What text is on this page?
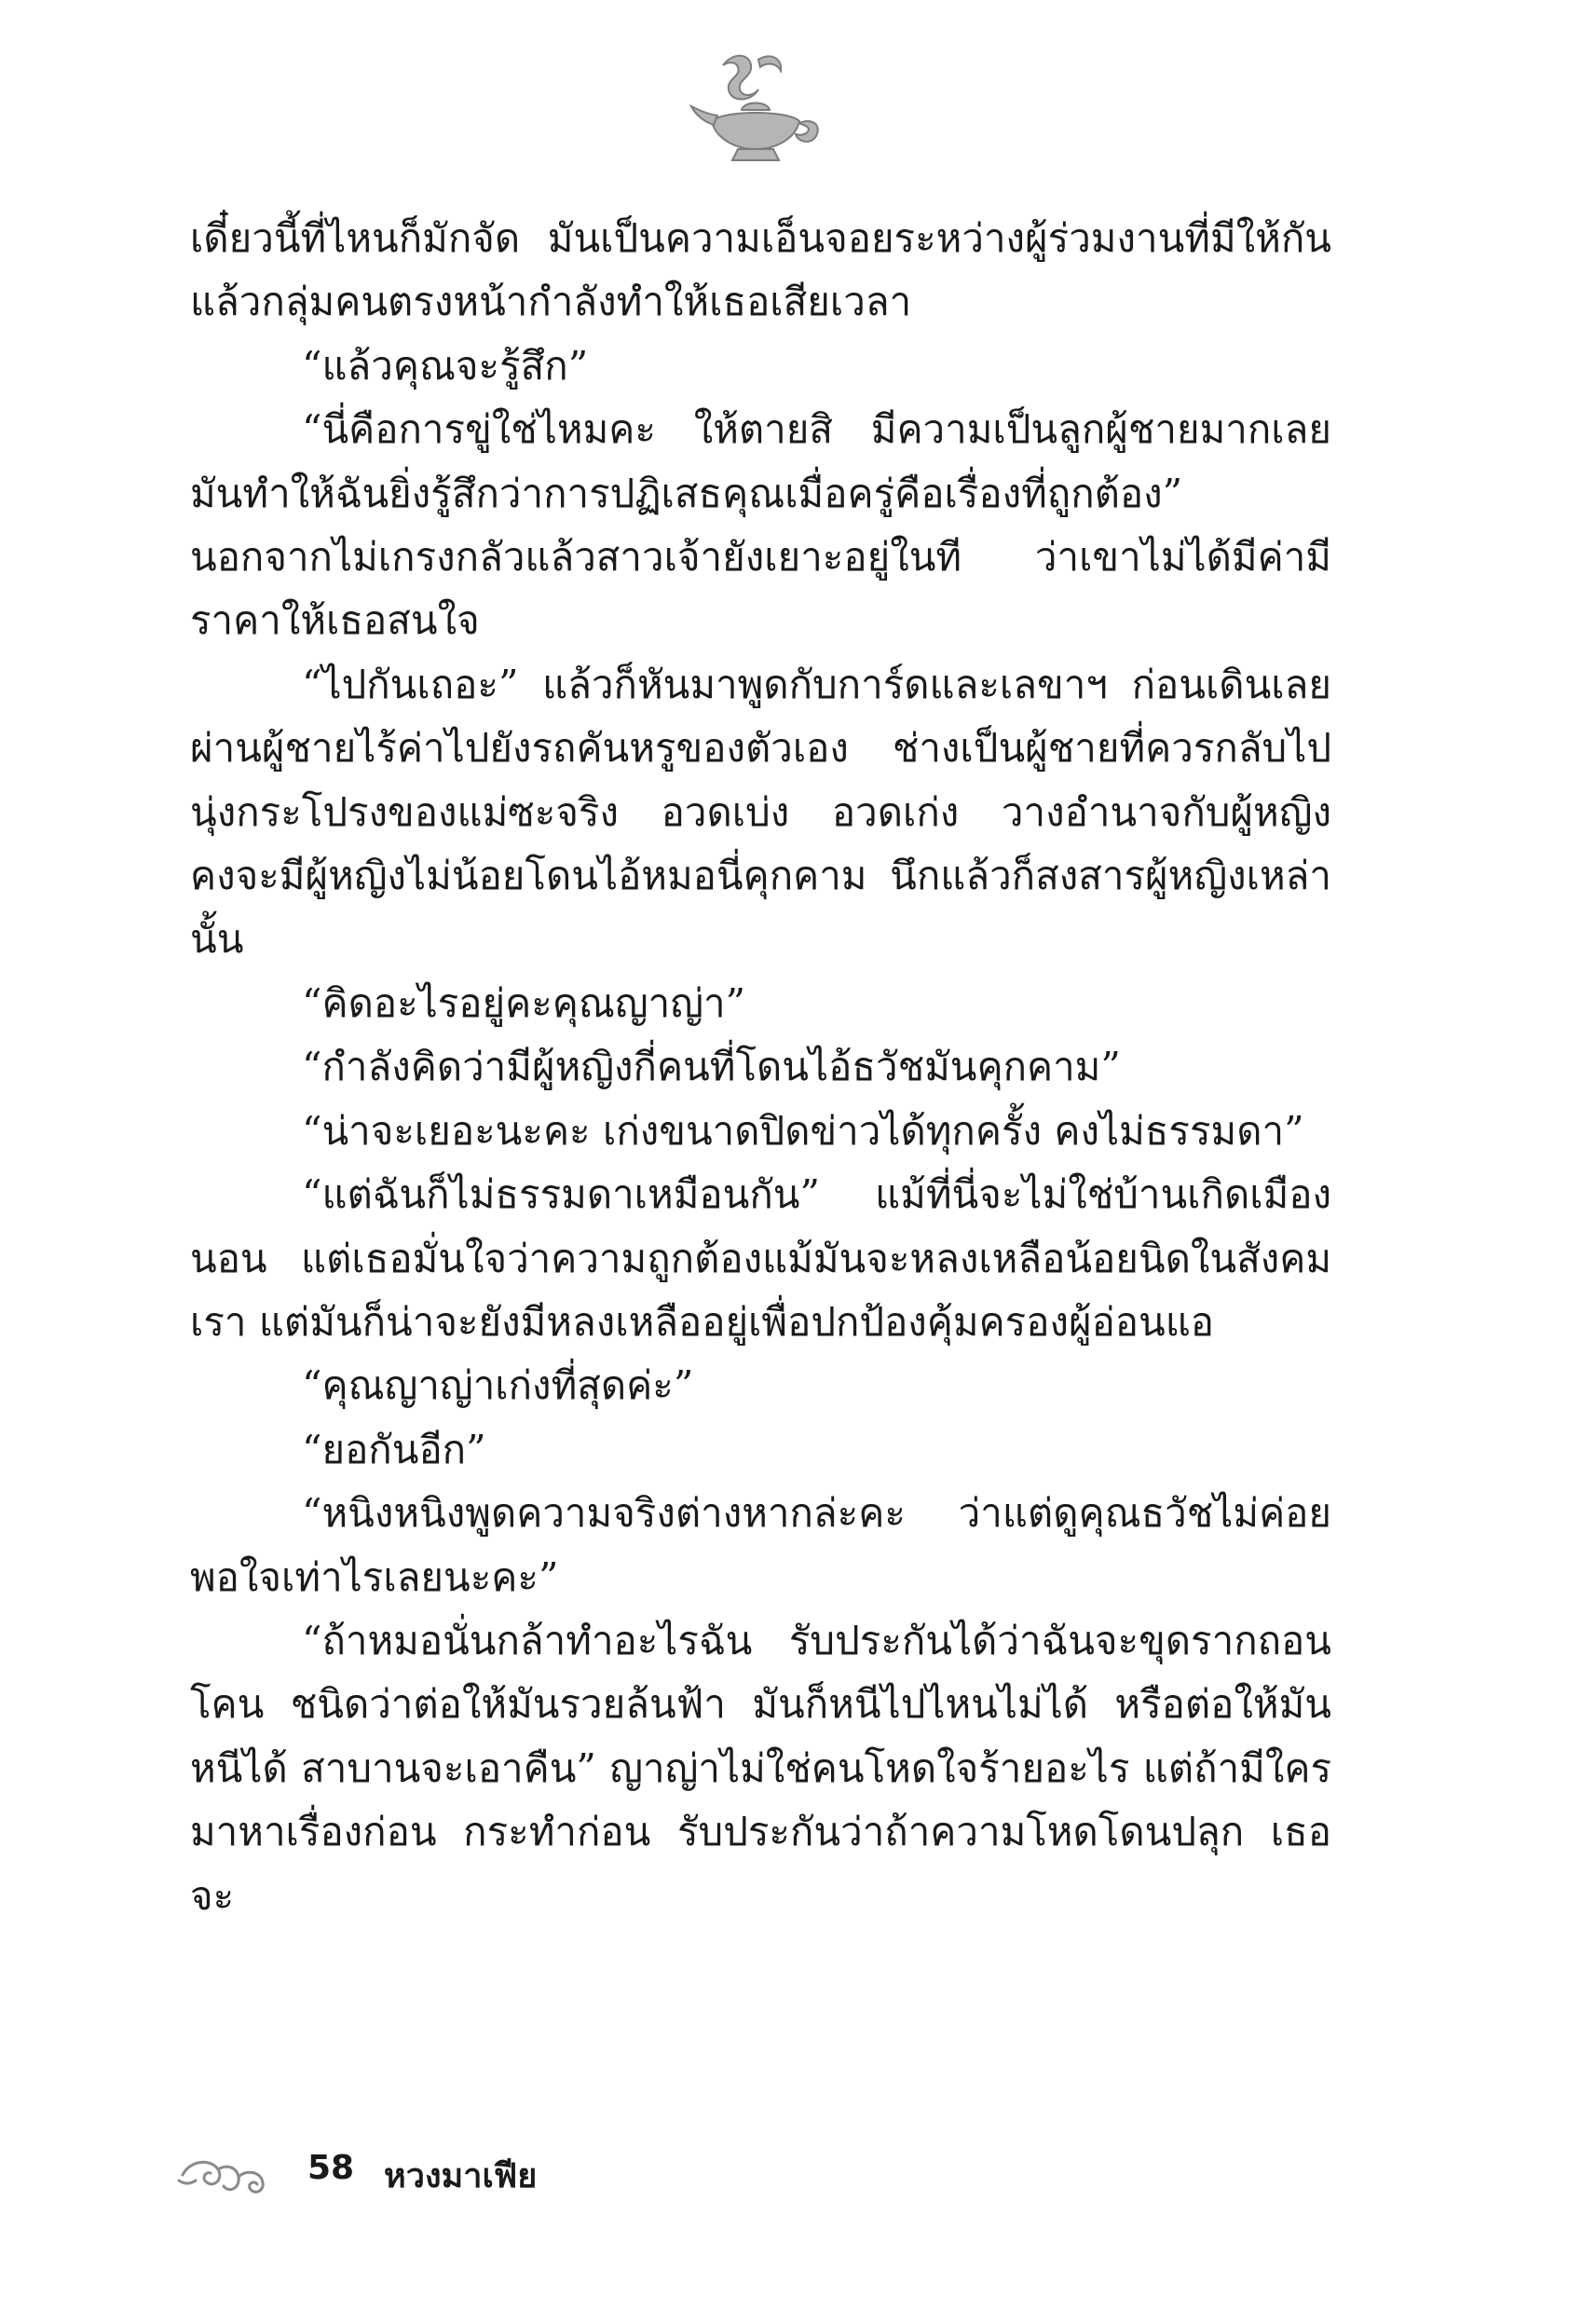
เดี๋ยวนี้ที่ไหนก็มักจัด มันเป็นความเอ็นจอยระหว่างผู้ร่วมงานที่มีให้กัน แล้วกลุ่มคนตรงหน้ากำลังทำให้เธอเสียเวลา

“แล้วคุณจะรู้สึก”

“นี่คือการขู่ใช่ไหมคะ ให้ตายสิ มีความเป็นลูกผู้ชายมากเลย มันทำให้ฉันยิ่งรู้สึกว่าการปฏิเสธคุณเมื่อครู่คือเรื่องที่ถูกต้อง” นอกจากไม่เกรงกลัวแล้วสาวเจ้ายังเยาะอยู่ในที ว่าเขาไม่ได้มีค่ามีราคาให้เธอสนใจ

“ไปกันเถอะ” แล้วก็หันมาพูดกับการ์ดและเลขาฯ ก่อนเดินเลยผ่านผู้ชายไร้ค่าไปยังรถคันหรูของตัวเอง ช่างเป็นผู้ชายที่ควรกลับไปนุ่งกระโปรงของแม่ซะจริง อวดเบ่ง อวดเก่ง วางอำนาจกับผู้หญิง คงจะมีผู้หญิงไม่น้อยโดนไอ้หมอนี่คุกคาม นึกแล้วก็สงสารผู้หญิงเหล่านั้น

“คิดอะไรอยู่คะคุณญาญ่า”

“กำลังคิดว่ามีผู้หญิงกี่คนที่โดนไอ้ธวัชมันคุกคาม”

“น่าจะเยอะนะคะ เก่งขนาดปิดข่าวได้ทุกครั้ง คงไม่ธรรมดา”

“แต่ฉันก็ไม่ธรรมดาเหมือนกัน” แม้ที่นี่จะไม่ใช่บ้านเกิดเมืองนอน แต่เธอมั่นใจว่าความถูกต้องแม้มันจะหลงเหลือน้อยนิดในสังคมเรา แต่มันก็น่าจะยังมีหลงเหลืออยู่เพื่อปกป้องคุ้มครองผู้อ่อนแอ

“คุณญาญ่าเก่งที่สุดค่ะ”

“ยอกันอีก”

“หนิงหนิงพูดความจริงต่างหากล่ะคะ ว่าแต่ดูคุณธวัชไม่ค่อยพอใจเท่าไรเลยนะคะ”

“ถ้าหมอนั่นกล้าทำอะไรฉัน รับประกันได้ว่าฉันจะขุดรากถอนโคน ชนิดว่าต่อให้มันรวยล้นฟ้า มันก็หนีไปไหนไม่ได้ หรือต่อให้มันหนีได้ สาบานจะเอาคืน” ญาญ่าไม่ใช่คนโหดใจร้ายอะไร แต่ถ้ามีใครมาหาเรื่องก่อน กระทำก่อน รับประกันว่าถ้าความโหดโดนปลุก เธอจะ

58 หวงมาเฟีย
